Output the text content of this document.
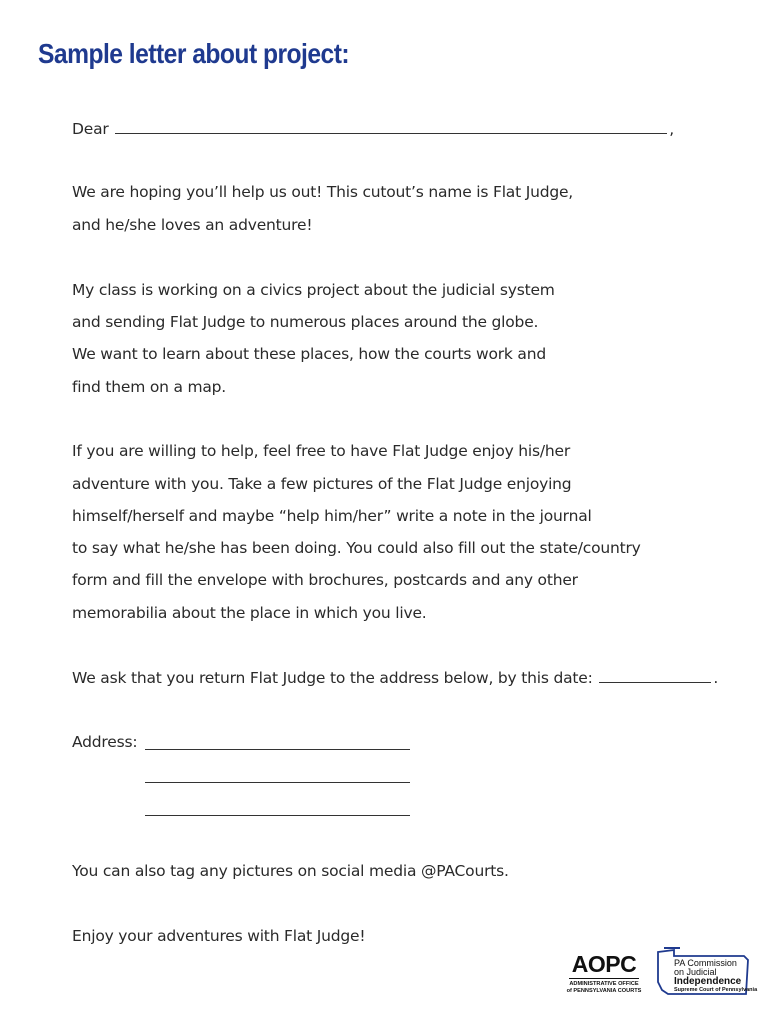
Sample letter about project:
Dear	,
We are hoping you’ll help us out! This cutout’s name is Flat Judge,
and he/she loves an adventure!
My class is working on a civics project about the judicial system
and sending Flat Judge to numerous places around the globe.
We want to learn about these places, how the courts work and
find them on a map.
If you are willing to help, feel free to have Flat Judge enjoy his/her
adventure with you. Take a few pictures of the Flat Judge enjoying
himself/herself and maybe “help him/her” write a note in the journal
to say what he/she has been doing. You could also fill out the state/country
form and fill the envelope with brochures, postcards and any other
memorabilia about the place in which you live.
We ask that you return Flat Judge to the address below, by this date:	.
Address:
You can also tag any pictures on social media @PACourts.
Enjoy your adventures with Flat Judge!
AOPC
ADMINISTRATIVE OFFICE
of PENNSYLVANIA COURTS
PA Commission
on Judicial
Independence
Supreme Court of Pennsylvania
